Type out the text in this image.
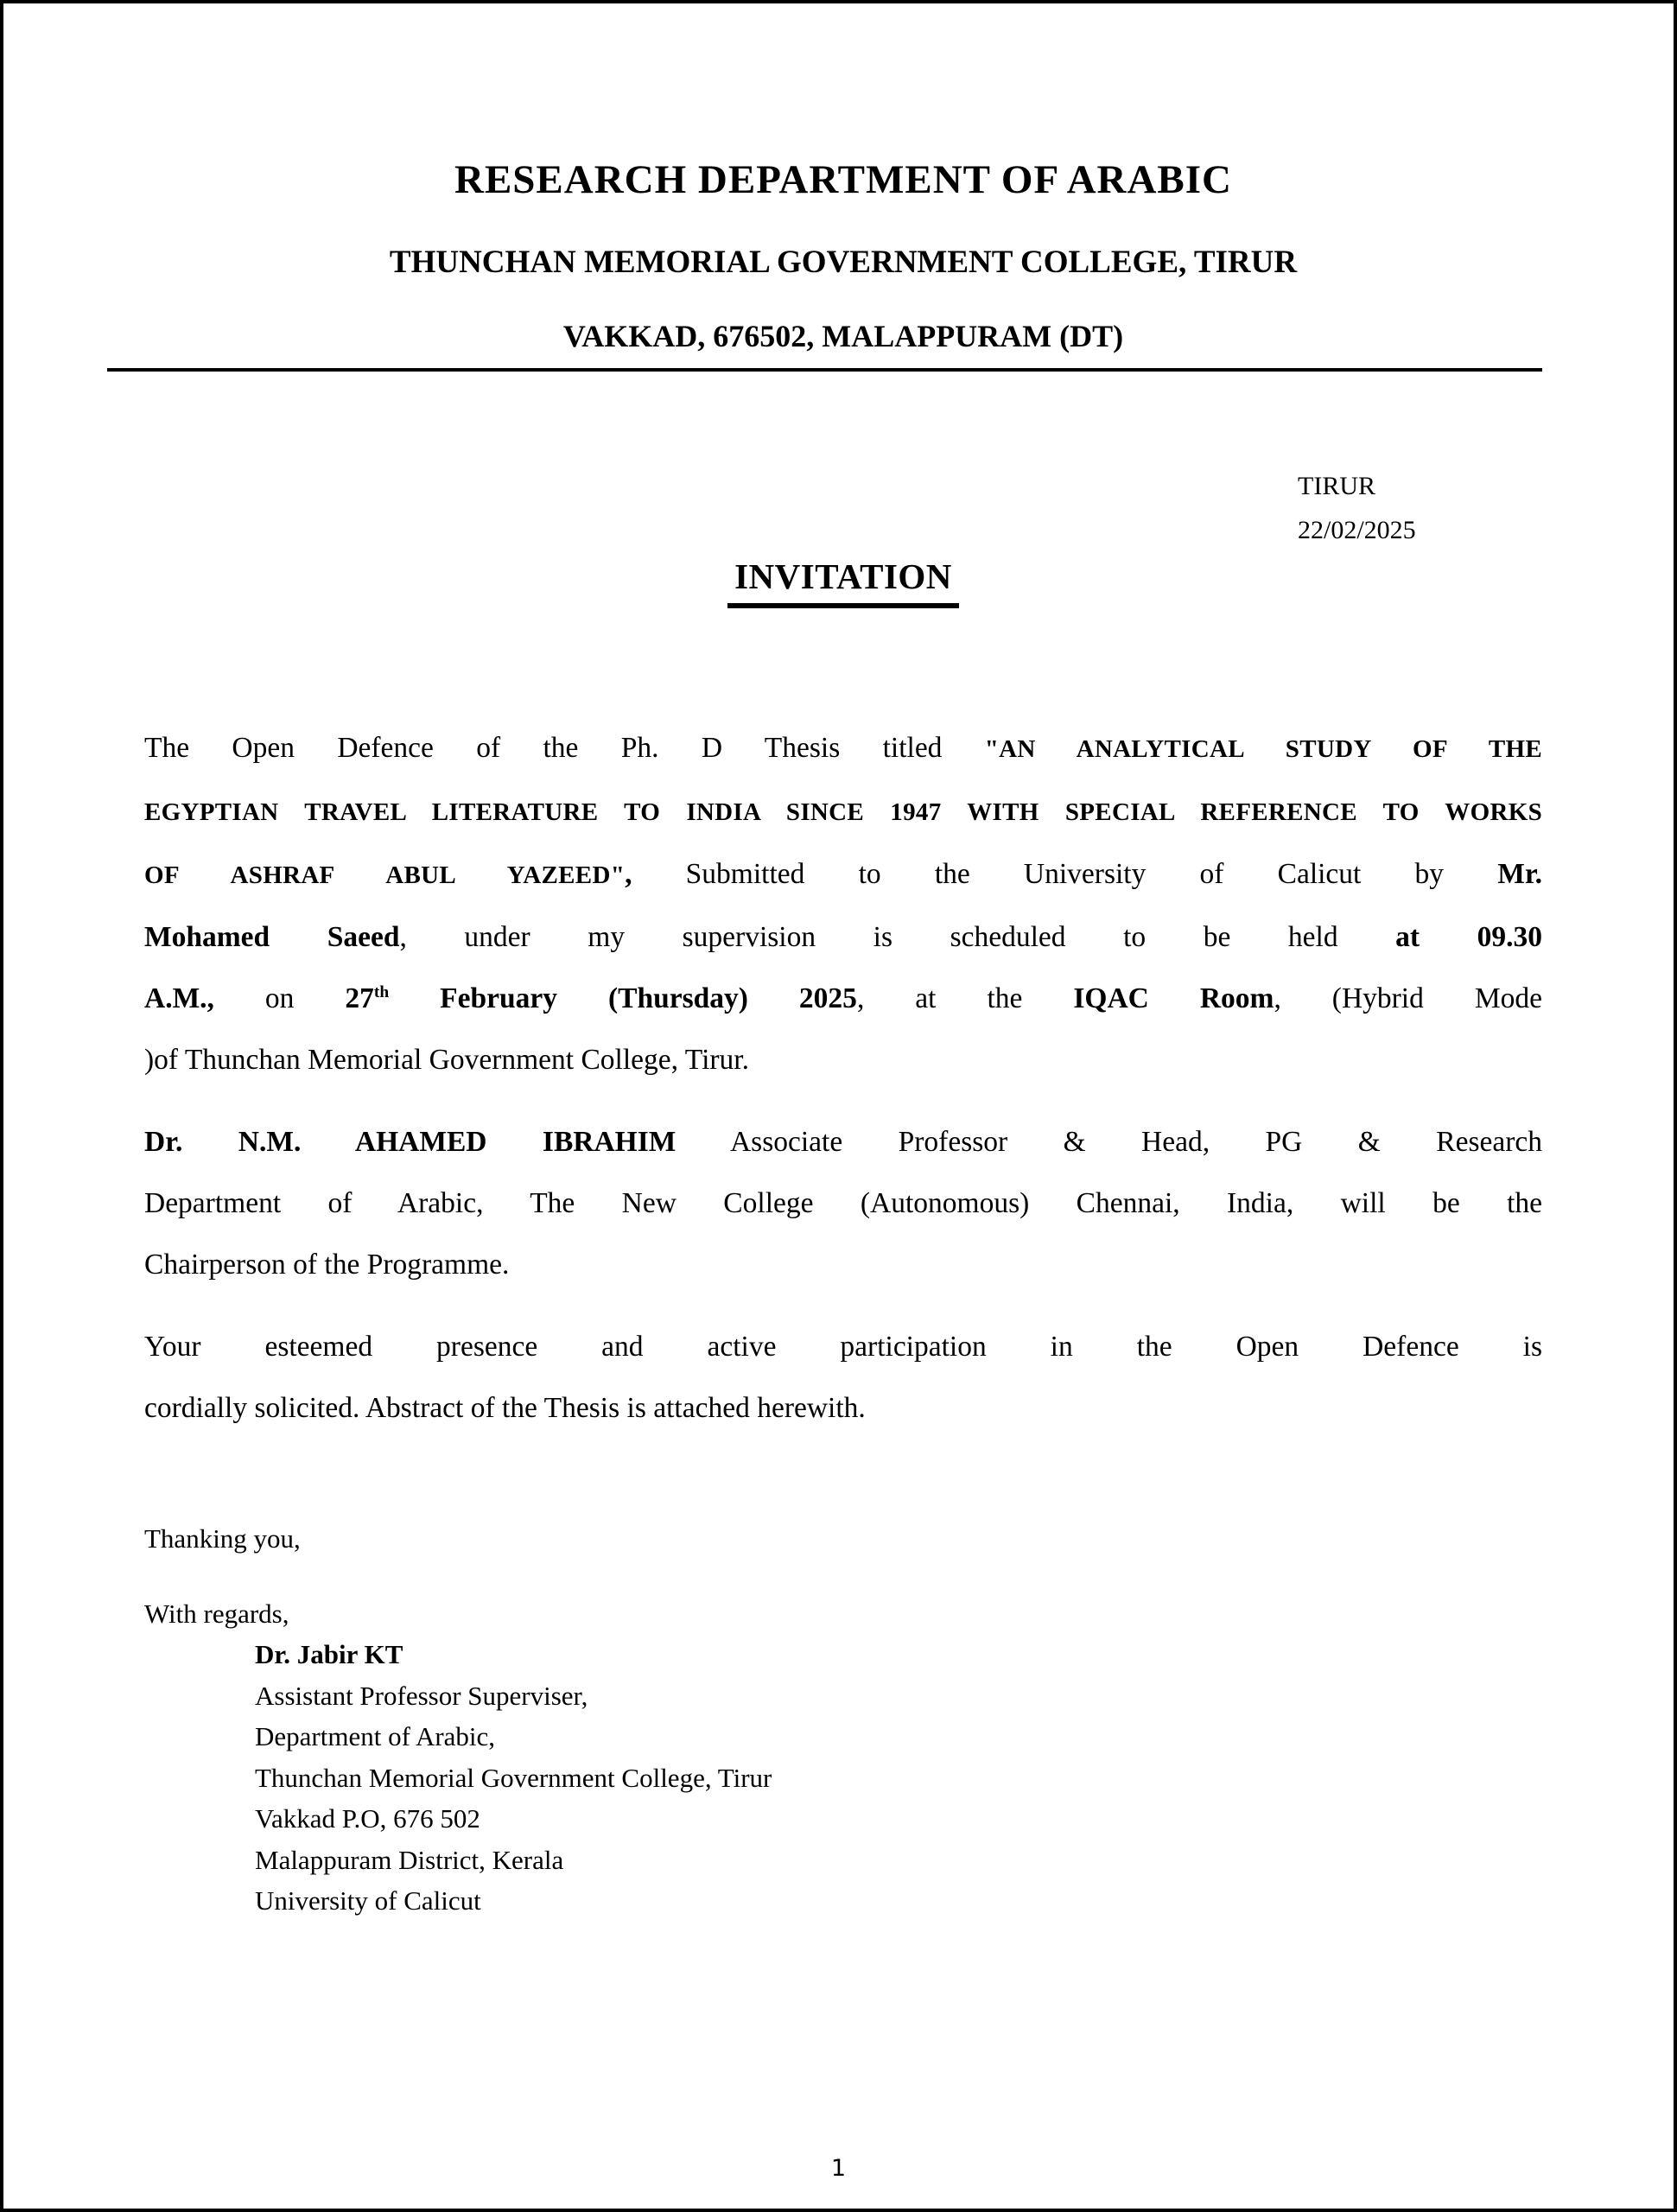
RESEARCH DEPARTMENT OF ARABIC
THUNCHAN MEMORIAL GOVERNMENT COLLEGE, TIRUR
VAKKAD, 676502, MALAPPURAM (DT)
TIRUR
22/02/2025
INVITATION
The Open Defence of the Ph. D Thesis titled "AN ANALYTICAL STUDY OF THE
EGYPTIAN TRAVEL LITERATURE TO INDIA SINCE 1947 WITH SPECIAL REFERENCE TO WORKS
OF ASHRAF ABUL YAZEED", Submitted to the University of Calicut by Mr.
Mohamed Saeed, under my supervision is scheduled to be held at 09.30
A.M., on 27th February (Thursday) 2025, at the IQAC Room, (Hybrid Mode
)of Thunchan Memorial Government College, Tirur.
Dr. N.M. AHAMED IBRAHIM Associate Professor & Head, PG & Research
Department of Arabic, The New College (Autonomous) Chennai, India, will be the
Chairperson of the Programme.
Your esteemed presence and active participation in the Open Defence is
cordially solicited. Abstract of the Thesis is attached herewith.
Thanking you,
With regards,
Dr. Jabir KT
Assistant Professor Superviser,
Department of Arabic,
Thunchan Memorial Government College, Tirur
Vakkad P.O, 676 502
Malappuram District, Kerala
University of Calicut
1
